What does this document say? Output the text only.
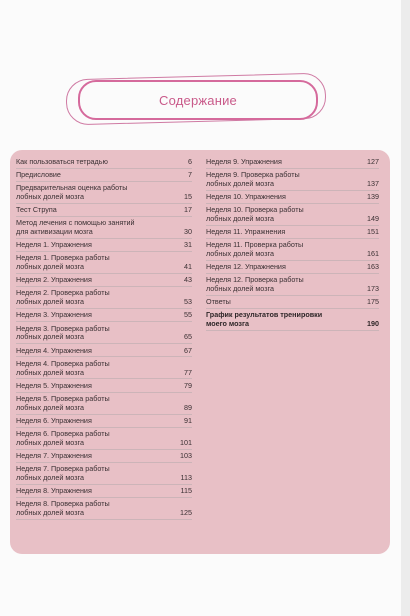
Содержание
Как пользоваться тетрадью	6
Предисловие	7
Предварительная оценка работы
лобных долей мозга	15
Тест Струпа	17
Метод лечения с помощью занятий
для активизации мозга	30
Неделя 1. Упражнения	31
Неделя 1. Проверка работы
лобных долей мозга	41
Неделя 2. Упражнения	43
Неделя 2. Проверка работы
лобных долей мозга	53
Неделя 3. Упражнения	55
Неделя 3. Проверка работы
лобных долей мозга	65
Неделя 4. Упражнения	67
Неделя 4. Проверка работы
лобных долей мозга	77
Неделя 5. Упражнения	79
Неделя 5. Проверка работы
лобных долей мозга	89
Неделя 6. Упражнения	91
Неделя 6. Проверка работы
лобных долей мозга	101
Неделя 7. Упражнения	103
Неделя 7. Проверка работы
лобных долей мозга	113
Неделя 8. Упражнения	115
Неделя 8. Проверка работы
лобных долей мозга	125
Неделя 9. Упражнения	127
Неделя 9. Проверка работы
лобных долей мозга	137
Неделя 10. Упражнения	139
Неделя 10. Проверка работы
лобных долей мозга	149
Неделя 11. Упражнения	151
Неделя 11. Проверка работы
лобных долей мозга	161
Неделя 12. Упражнения	163
Неделя 12. Проверка работы
лобных долей мозга	173
Ответы	175
График результатов тренировки
моего мозга	190
